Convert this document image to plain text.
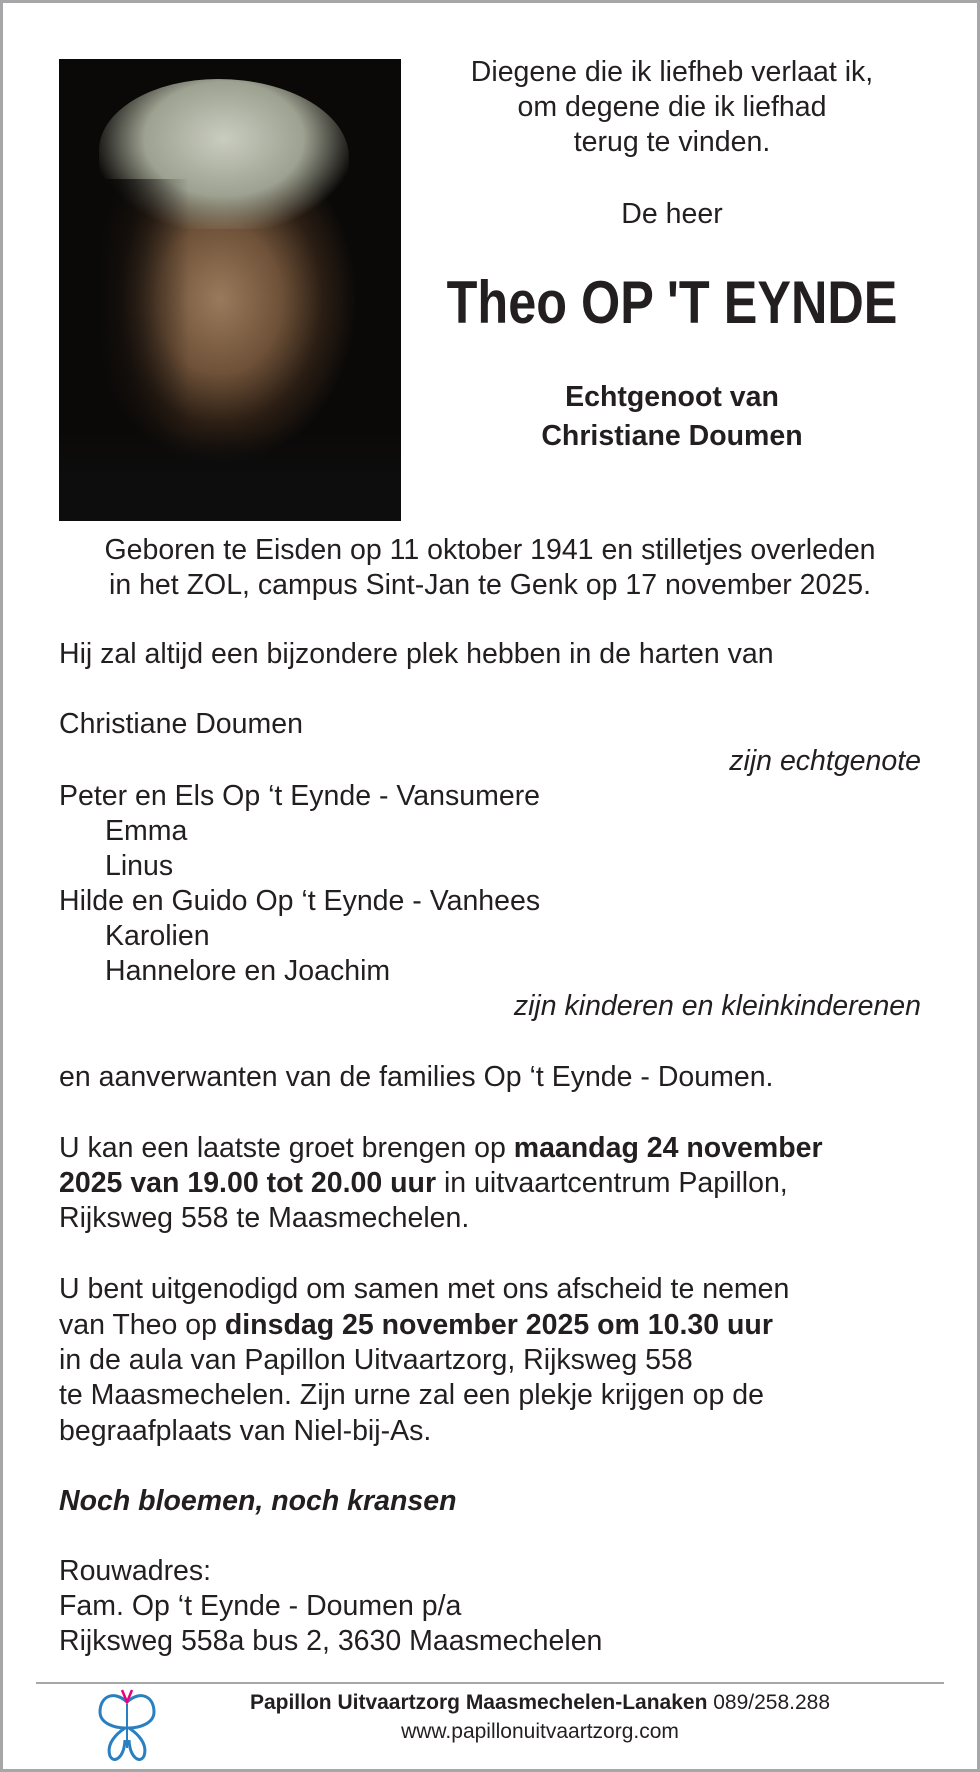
Diegene die ik liefheb verlaat ik,
om degene die ik liefhad
terug te vinden.
De heer
Theo OP 'T EYNDE
Echtgenoot van
Christiane Doumen
Geboren te Eisden op 11 oktober 1941 en stilletjes overleden
in het ZOL, campus Sint-Jan te Genk op 17 november 2025.
Hij zal altijd een bijzondere plek hebben in de harten van
Christiane Doumen
zijn echtgenote
Peter en Els Op ‘t Eynde - Vansumere
Emma
Linus
Hilde en Guido Op ‘t Eynde - Vanhees
Karolien
Hannelore en Joachim
zijn kinderen en kleinkinderenen
en aanverwanten van de families Op ‘t Eynde - Doumen.
U kan een laatste groet brengen op maandag 24 november
2025 van 19.00 tot 20.00 uur in uitvaartcentrum Papillon,
Rijksweg 558 te Maasmechelen.
U bent uitgenodigd om samen met ons afscheid te nemen
van Theo op dinsdag 25 november 2025 om 10.30 uur
in de aula van Papillon Uitvaartzorg, Rijksweg 558
te Maasmechelen. Zijn urne zal een plekje krijgen op de
begraafplaats van Niel-bij-As.
Noch bloemen, noch kransen
Rouwadres:
Fam. Op ‘t Eynde - Doumen p/a
Rijksweg 558a bus 2, 3630 Maasmechelen
Papillon Uitvaartzorg Maasmechelen-Lanaken 089/258.288
www.papillonuitvaartzorg.com
